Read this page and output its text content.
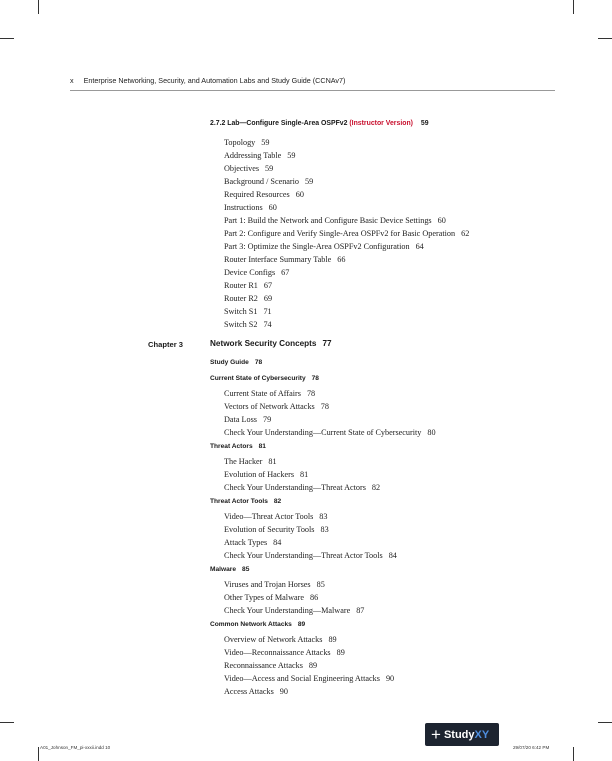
x Enterprise Networking, Security, and Automation Labs and Study Guide (CCNAv7)
2.7.2 Lab—Configure Single-Area OSPFv2 (Instructor Version) 59
Topology 59
Addressing Table 59
Objectives 59
Background / Scenario 59
Required Resources 60
Instructions 60
Part 1: Build the Network and Configure Basic Device Settings 60
Part 2: Configure and Verify Single-Area OSPFv2 for Basic Operation 62
Part 3: Optimize the Single-Area OSPFv2 Configuration 64
Router Interface Summary Table 66
Device Configs 67
Router R1 67
Router R2 69
Switch S1 71
Switch S2 74
Chapter 3	Network Security Concepts 77
Study Guide 78
Current State of Cybersecurity 78
Current State of Affairs 78
Vectors of Network Attacks 78
Data Loss 79
Check Your Understanding—Current State of Cybersecurity 80
Threat Actors 81
The Hacker 81
Evolution of Hackers 81
Check Your Understanding—Threat Actors 82
Threat Actor Tools 82
Video—Threat Actor Tools 83
Evolution of Security Tools 83
Attack Types 84
Check Your Understanding—Threat Actor Tools 84
Malware 85
Viruses and Trojan Horses 85
Other Types of Malware 86
Check Your Understanding—Malware 87
Common Network Attacks 89
Overview of Network Attacks 89
Video—Reconnaissance Attacks 89
Reconnaissance Attacks 89
Video—Access and Social Engineering Attacks 90
Access Attacks 90
+ Study XY
A01_Johnson_FM_pi-xxxii.indd 10	29/07/20 6:42 PM
